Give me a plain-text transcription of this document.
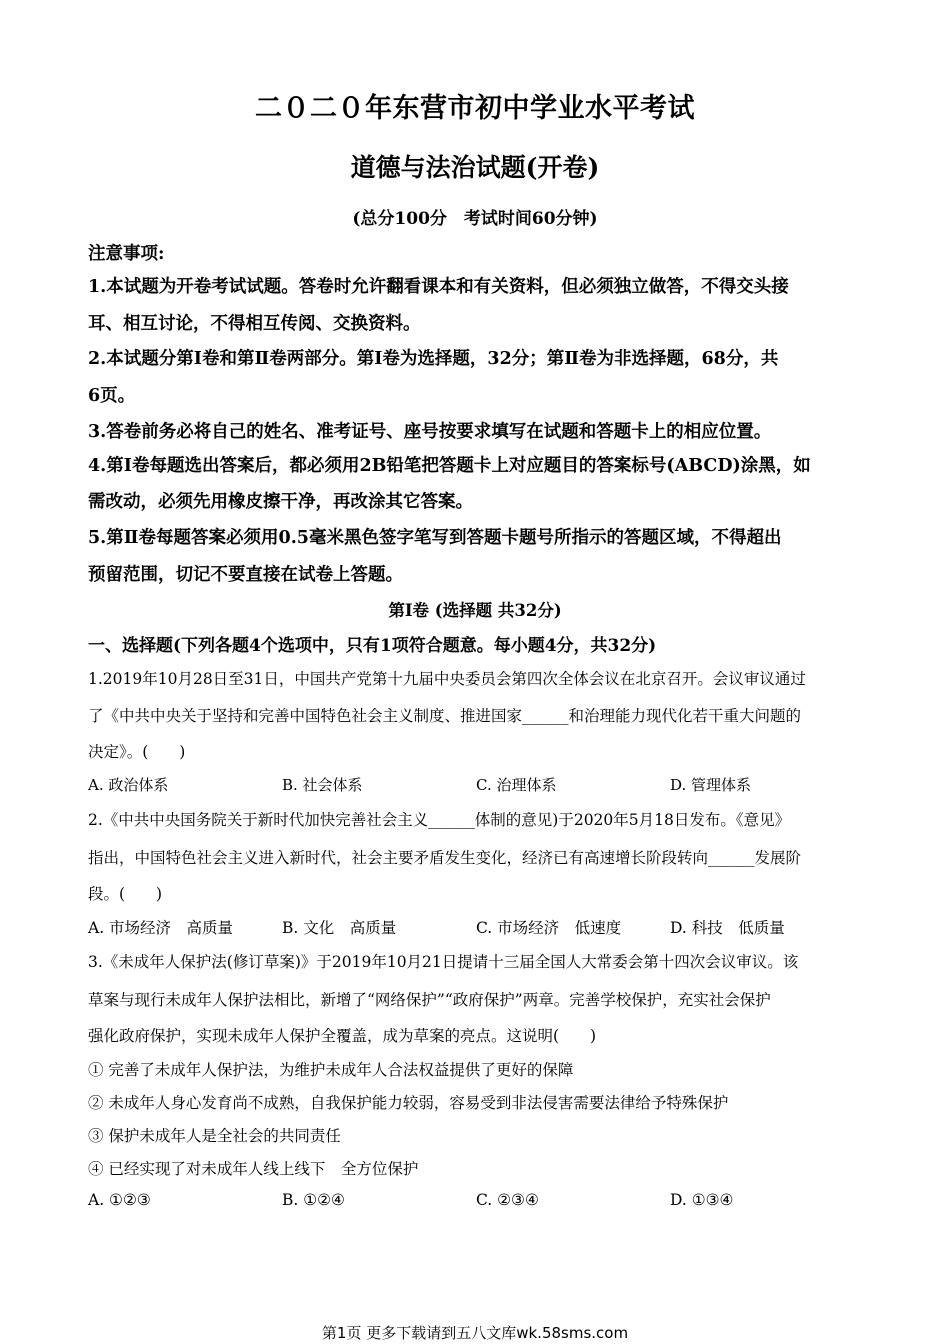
二０二０年东营市初中学业水平考试
道德与法治试题(开卷)
(总分100分　考试时间60分钟)
注意事项:
1.本试题为开卷考试试题。答卷时允许翻看课本和有关资料，但必须独立做答，不得交头接
耳、相互讨论，不得相互传阅、交换资料。
2.本试题分第Ⅰ卷和第Ⅱ卷两部分。第Ⅰ卷为选择题，32分；第Ⅱ卷为非选择题，68分，共
6页。
3.答卷前务必将自己的姓名、准考证号、座号按要求填写在试题和答题卡上的相应位置。
4.第Ⅰ卷每题选出答案后，都必须用2B铅笔把答题卡上对应题目的答案标号(ABCD)涂黑，如
需改动，必须先用橡皮擦干净，再改涂其它答案。
5.第Ⅱ卷每题答案必须用0.5毫米黑色签字笔写到答题卡题号所指示的答题区域，不得超出
预留范围，切记不要直接在试卷上答题。
第Ⅰ卷 (选择题 共32分)
一、选择题(下列各题4个选项中，只有1项符合题意。每小题4分，共32分)
1.2019年10月28日至31日，中国共产党第十九届中央委员会第四次全体会议在北京召开。会议审议通过
了《中共中央关于坚持和完善中国特色社会主义制度、推进国家______和治理能力现代化若干重大问题的
决定》。(　　)
A. 政治体系	B. 社会体系	C. 治理体系	D. 管理体系
2.《中共中央国务院关于新时代加快完善社会主义______体制的意见)于2020年5月18日发布。《意见》
指出，中国特色社会主义进入新时代，社会主要矛盾发生变化，经济已有高速增长阶段转向______发展阶
段。(　　)
A. 市场经济　高质量	B. 文化　高质量	C. 市场经济　低速度	D. 科技　低质量
3.《未成年人保护法(修订草案)》于2019年10月21日提请十三届全国人大常委会第十四次会议审议。该
草案与现行未成年人保护法相比，新增了“网络保护”“政府保护”两章。完善学校保护，充实社会保护
强化政府保护，实现未成年人保护全覆盖，成为草案的亮点。这说明(　　)
① 完善了未成年人保护法，为维护未成年人合法权益提供了更好的保障
② 未成年人身心发育尚不成熟，自我保护能力较弱，容易受到非法侵害需要法律给予特殊保护
③ 保护未成年人是全社会的共同责任
④ 已经实现了对未成年人线上线下　全方位保护
A. ①②③	B. ①②④	C. ②③④	D. ①③④
第1页 更多下载请到五八文库wk.58sms.com
